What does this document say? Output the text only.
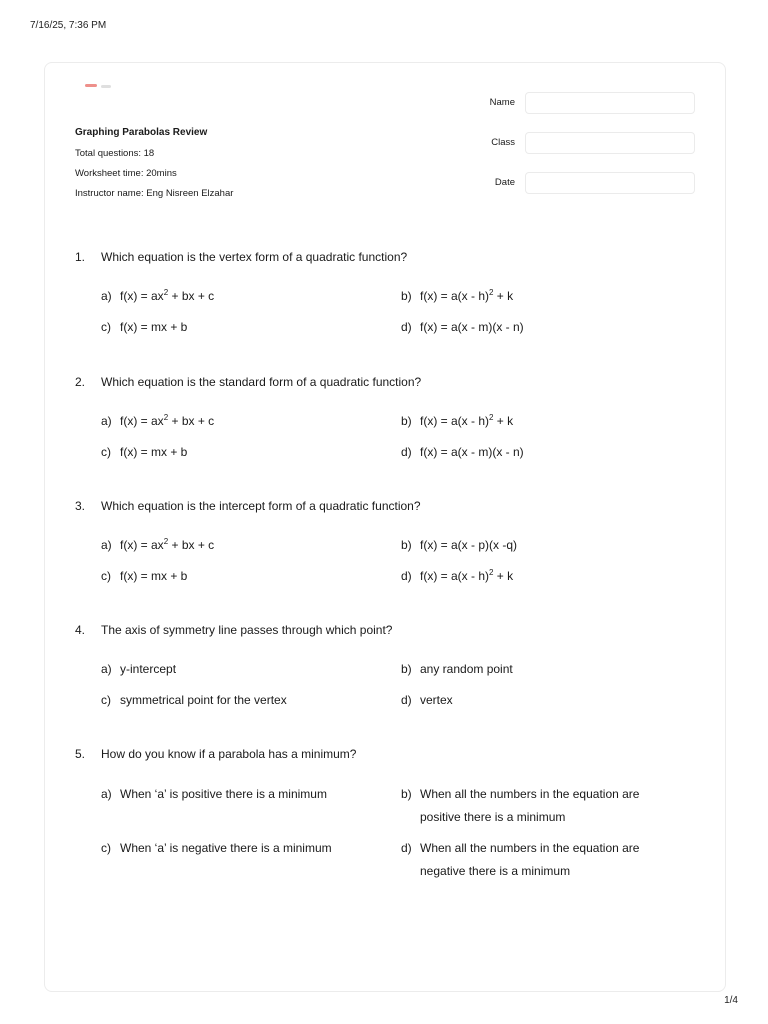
7/16/25, 7:36 PM
Graphing Parabolas Review
Total questions: 18
Worksheet time: 20mins
Instructor name: Eng Nisreen Elzahar
Name
Class
Date
1. Which equation is the vertex form of a quadratic function?
a) $f(x) = ax^2$ + bx + c	b) f(x) = a(x - h)$^2$ + k
c) f(x) = mx + b	d) f(x) = a(x - m)(x - n)
2. Which equation is the standard form of a quadratic function?
a) $f(x) = ax^2$ + bx + c	b) f(x) = a(x - h)$^2$ + k
c) f(x) = mx + b	d) f(x) = a(x - m)(x - n)
3. Which equation is the intercept form of a quadratic function?
a) $f(x) = ax^2$ + bx + c	b) f(x) = a(x - p)(x -q)
c) f(x) = mx + b	d) f(x) = a(x - h)$^2$ + k
4. The axis of symmetry line passes through which point?
a) y-intercept	b) any random point
c) symmetrical point for the vertex	d) vertex
5. How do you know if a parabola has a minimum?
a) When ‘a’ is positive there is a minimum	b) When all the numbers in the equation are positive there is a minimum
c) When ‘a’ is negative there is a minimum	d) When all the numbers in the equation are negative there is a minimum
1/4
